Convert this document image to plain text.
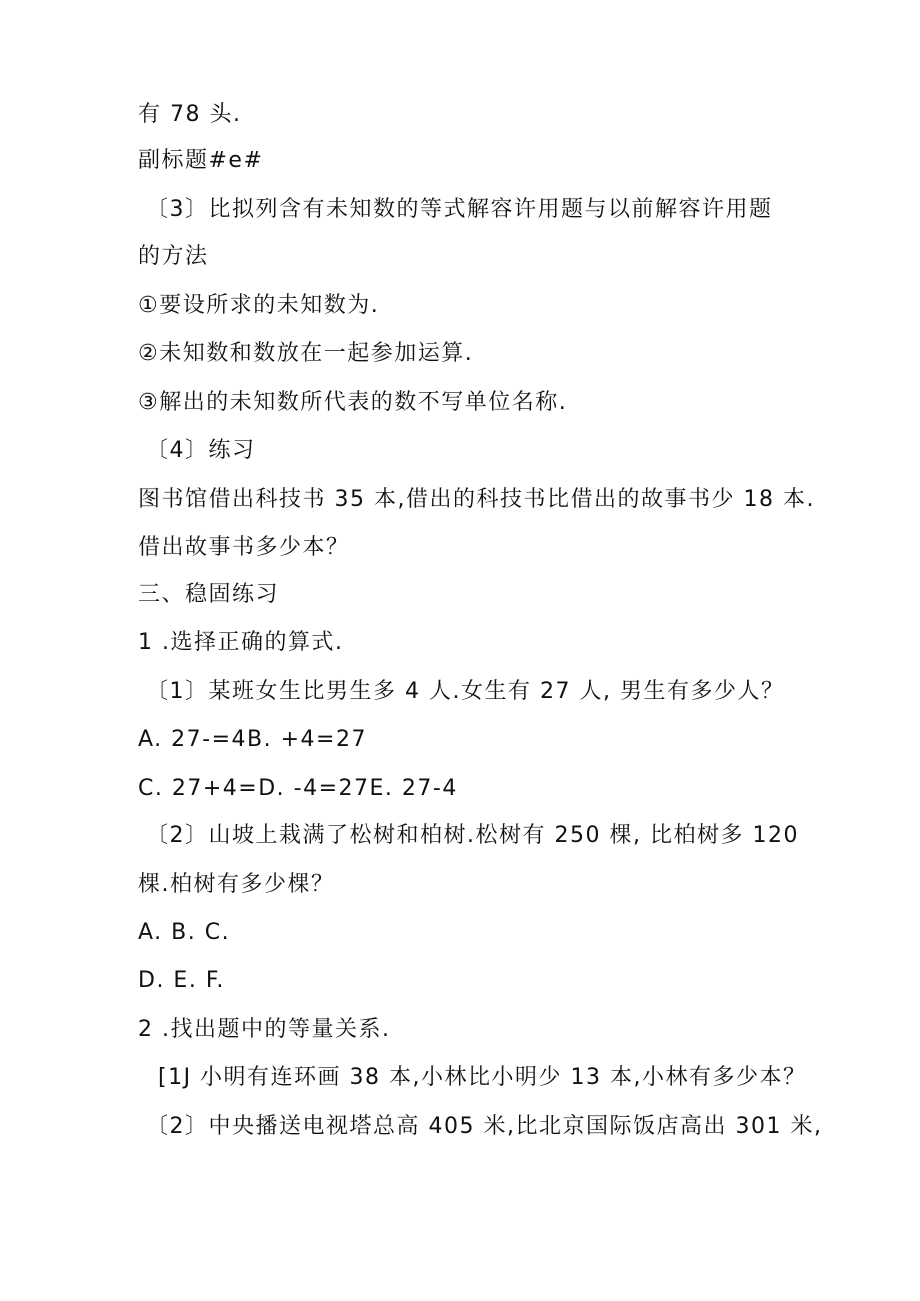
有 78 头.
副标题#e#
〔3〕比拟列含有未知数的等式解容许用题与以前解容许用题
的方法
①要设所求的未知数为.
②未知数和数放在一起参加运算.
③解出的未知数所代表的数不写单位名称.
〔4〕练习
图书馆借出科技书 35 本,借出的科技书比借出的故事书少 18 本.
借出故事书多少本？
三、稳固练习
1 .选择正确的算式.
〔1〕某班女生比男生多 4 人.女生有 27 人, 男生有多少人？
A. 27-=4B. +4=27
C. 27+4=D. -4=27E. 27-4
〔2〕山坡上栽满了松树和柏树.松树有 250 棵, 比柏树多 120
棵.柏树有多少棵？
A. B. C.
D. E. F.
2 .找出题中的等量关系.
[1J 小明有连环画 38 本,小林比小明少 13 本,小林有多少本？
〔2〕中央播送电视塔总高 405 米,比北京国际饭店高出 301 米,
